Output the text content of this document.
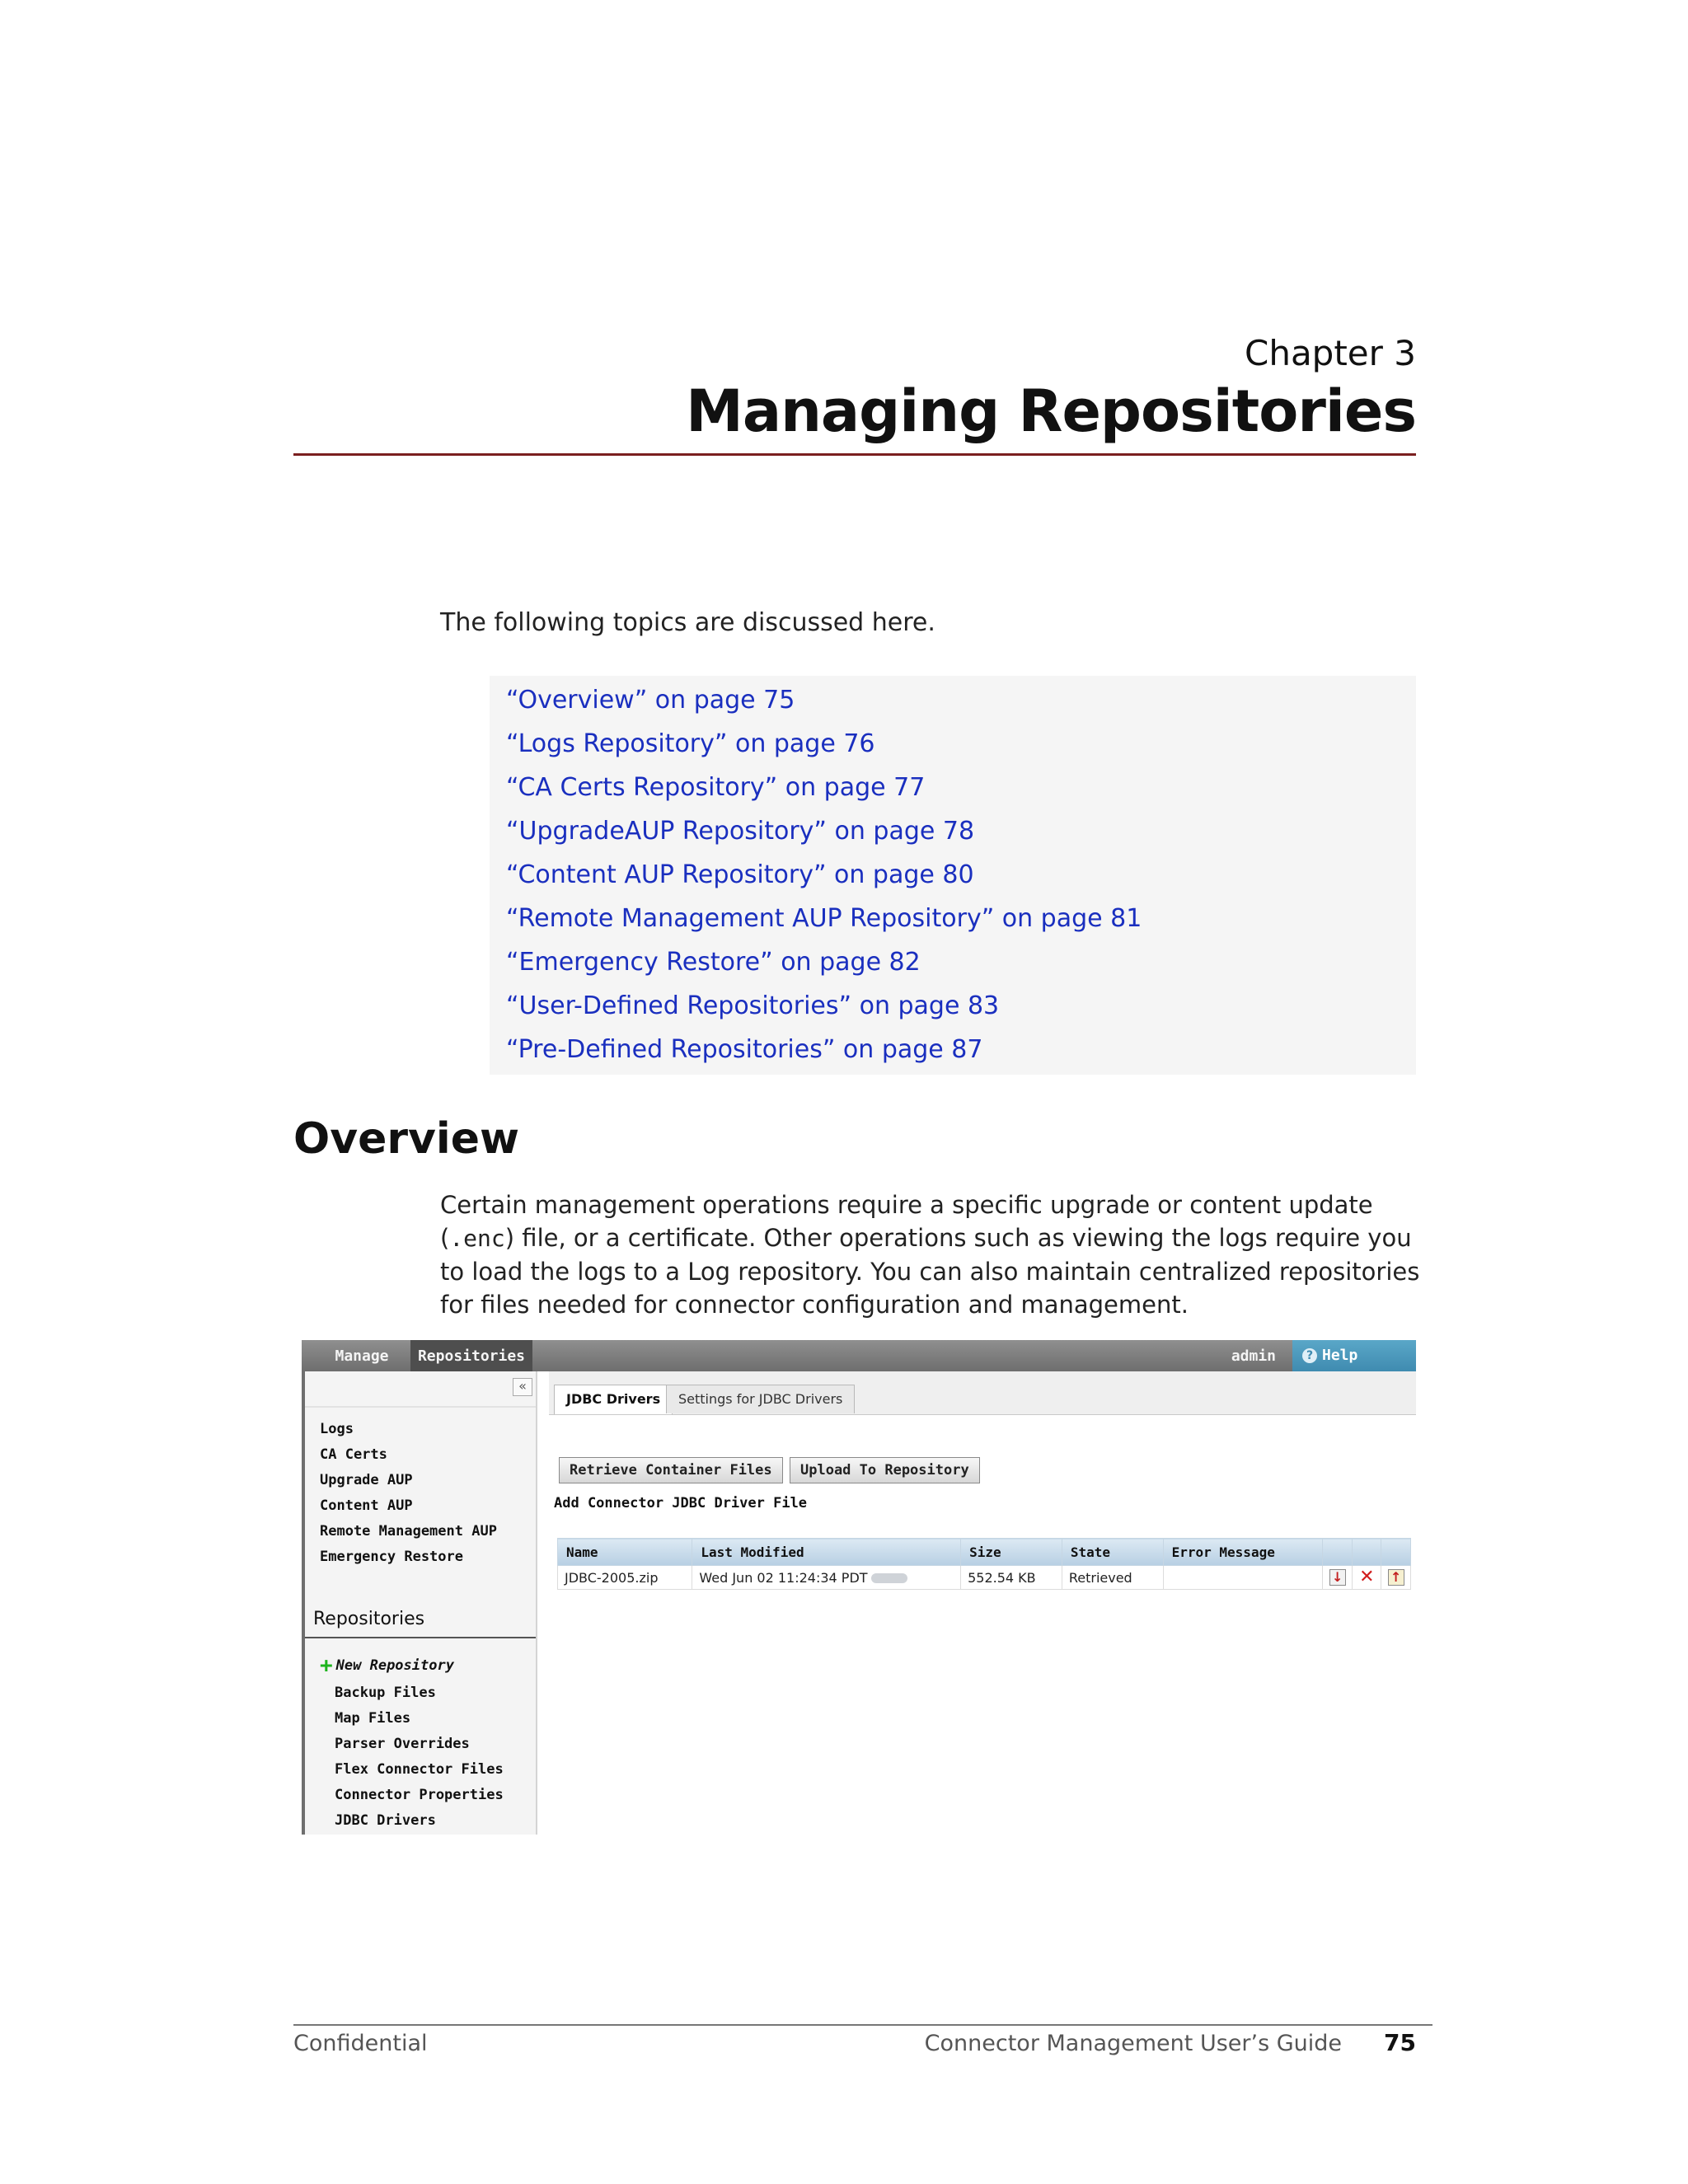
Chapter 3
Managing Repositories
The following topics are discussed here.
“Overview” on page 75
“Logs Repository” on page 76
“CA Certs Repository” on page 77
“UpgradeAUP Repository” on page 78
“Content AUP Repository” on page 80
“Remote Management AUP Repository” on page 81
“Emergency Restore” on page 82
“User-Defined Repositories” on page 83
“Pre-Defined Repositories” on page 87
Overview
Certain management operations require a specific upgrade or content update (.enc) file, or a certificate. Other operations such as viewing the logs require you to load the logs to a Log repository. You can also maintain centralized repositories for files needed for connector configuration and management.
Manage	Repositories	admin	? Help
«
Logs
CA Certs
Upgrade AUP
Content AUP
Remote Management AUP
Emergency Restore
Repositories
+ New Repository
Backup Files
Map Files
Parser Overrides
Flex Connector Files
Connector Properties
JDBC Drivers
JDBC Drivers	Settings for JDBC Drivers
Retrieve Container Files	Upload To Repository
Add Connector JDBC Driver File
Name	Last Modified	Size	State	Error Message			
JDBC-2005.zip	Wed Jun 02 11:24:34 PDT	552.54 KB	Retrieved		↓	✕	↑
Confidential	Connector Management User’s Guide	75
